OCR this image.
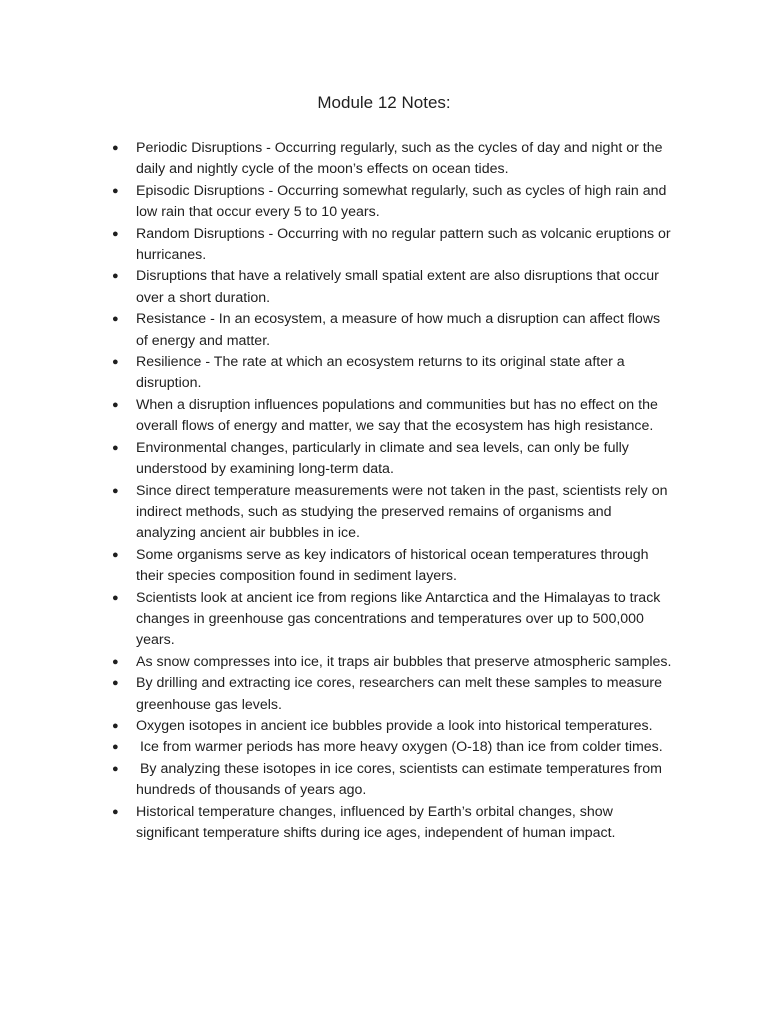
Module 12 Notes:
● Periodic Disruptions - Occurring regularly, such as the cycles of day and night or the daily and nightly cycle of the moon’s effects on ocean tides.
● Episodic Disruptions - Occurring somewhat regularly, such as cycles of high rain and low rain that occur every 5 to 10 years.
● Random Disruptions - Occurring with no regular pattern such as volcanic eruptions or hurricanes.
● Disruptions that have a relatively small spatial extent are also disruptions that occur over a short duration.
● Resistance - In an ecosystem, a measure of how much a disruption can affect flows of energy and matter.
● Resilience - The rate at which an ecosystem returns to its original state after a disruption.
● When a disruption influences populations and communities but has no effect on the overall flows of energy and matter, we say that the ecosystem has high resistance.
● Environmental changes, particularly in climate and sea levels, can only be fully understood by examining long-term data.
● Since direct temperature measurements were not taken in the past, scientists rely on indirect methods, such as studying the preserved remains of organisms and analyzing ancient air bubbles in ice.
● Some organisms serve as key indicators of historical ocean temperatures through their species composition found in sediment layers.
● Scientists look at ancient ice from regions like Antarctica and the Himalayas to track changes in greenhouse gas concentrations and temperatures over up to 500,000 years.
● As snow compresses into ice, it traps air bubbles that preserve atmospheric samples.
● By drilling and extracting ice cores, researchers can melt these samples to measure greenhouse gas levels.
● Oxygen isotopes in ancient ice bubbles provide a look into historical temperatures.
● Ice from warmer periods has more heavy oxygen (O-18) than ice from colder times.
● By analyzing these isotopes in ice cores, scientists can estimate temperatures from hundreds of thousands of years ago.
● Historical temperature changes, influenced by Earth’s orbital changes, show significant temperature shifts during ice ages, independent of human impact.
